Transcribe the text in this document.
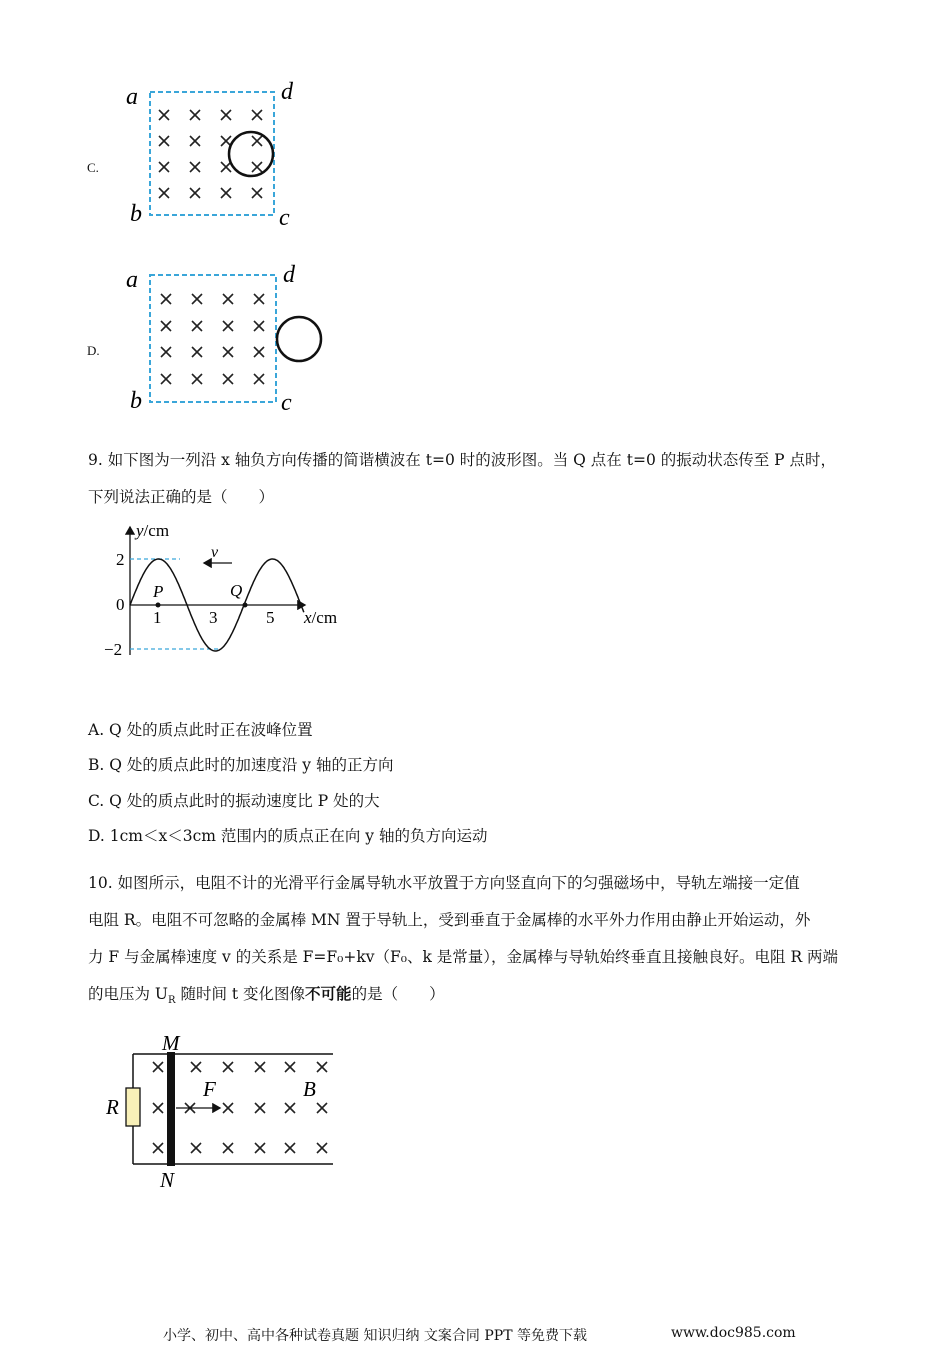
C.
a	d
b	c
D.
a	d
b	c
9. 如下图为一列沿 x 轴负方向传播的简谐横波在 t=0 时的波形图。当 Q 点在 t=0 的振动状态传至 P 点时，
下列说法正确的是（　　）
P	Q
v
y/cm
x/cm
2
0
−2
1	3	5
A. Q 处的质点此时正在波峰位置
B. Q 处的质点此时的加速度沿 y 轴的正方向
C. Q 处的质点此时的振动速度比 P 处的大
D. 1cm＜x＜3cm 范围内的质点正在向 y 轴的负方向运动
10. 如图所示，电阻不计的光滑平行金属导轨水平放置于方向竖直向下的匀强磁场中，导轨左端接一定值
电阻 R。电阻不可忽略的金属棒 MN 置于导轨上，受到垂直于金属棒的水平外力作用由静止开始运动，外
力 F 与金属棒速度 v 的关系是 F=F₀+kv（F₀、k 是常量），金属棒与导轨始终垂直且接触良好。电阻 R 两端
的电压为 $U_R$ 随时间 t 变化图像不可能的是（　　）
M
N
R
F	B
小学、初中、高中各种试卷真题 知识归纳 文案合同 PPT 等免费下载	www.doc985.com
